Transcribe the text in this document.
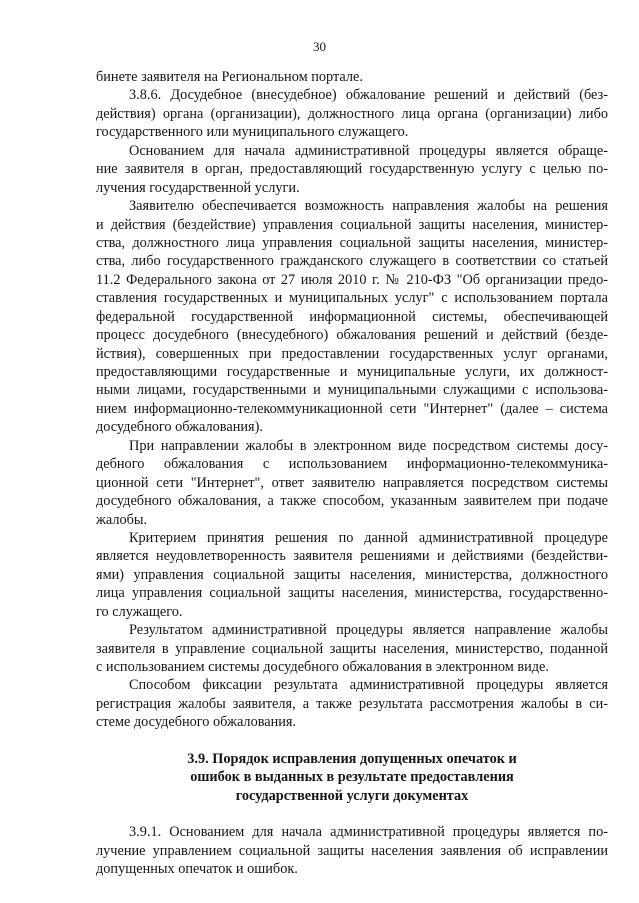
30
бинете заявителя на Региональном портале.
3.8.6. Досудебное (внесудебное) обжалование решений и действий (без-
действия) органа (организации), должностного лица органа (организации) либо
государственного или муниципального служащего.
Основанием для начала административной процедуры является обраще-
ние заявителя в орган, предоставляющий государственную услугу с целью по-
лучения государственной услуги.
Заявителю обеспечивается возможность направления жалобы на решения
и действия (бездействие) управления социальной защиты населения, министер-
ства, должностного лица управления социальной защиты населения, министер-
ства, либо государственного гражданского служащего в соответствии со статьей
11.2 Федерального закона от 27 июля 2010 г. № 210-ФЗ "Об организации предо-
ставления государственных и муниципальных услуг" с использованием портала
федеральной государственной информационной системы, обеспечивающей
процесс досудебного (внесудебного) обжалования решений и действий (безде-
йствия), совершенных при предоставлении государственных услуг органами,
предоставляющими государственные и муниципальные услуги, их должност-
ными лицами, государственными и муниципальными служащими с использова-
нием информационно-телекоммуникационной сети "Интернет" (далее – система
досудебного обжалования).
При направлении жалобы в электронном виде посредством системы досу-
дебного обжалования с использованием информационно-телекоммуника-
ционной сети "Интернет", ответ заявителю направляется посредством системы
досудебного обжалования, а также способом, указанным заявителем при подаче
жалобы.
Критерием принятия решения по данной административной процедуре
является неудовлетворенность заявителя решениями и действиями (бездействи-
ями) управления социальной защиты населения, министерства, должностного
лица управления социальной защиты населения, министерства, государственно-
го служащего.
Результатом административной процедуры является направление жалобы
заявителя в управление социальной защиты населения, министерство, поданной
с использованием системы досудебного обжалования в электронном виде.
Способом фиксации результата административной процедуры является
регистрация жалобы заявителя, а также результата рассмотрения жалобы в си-
стеме досудебного обжалования.
3.9. Порядок исправления допущенных опечаток и
ошибок в выданных в результате предоставления
государственной услуги документах
3.9.1. Основанием для начала административной процедуры является по-
лучение управлением социальной защиты населения заявления об исправлении
допущенных опечаток и ошибок.
